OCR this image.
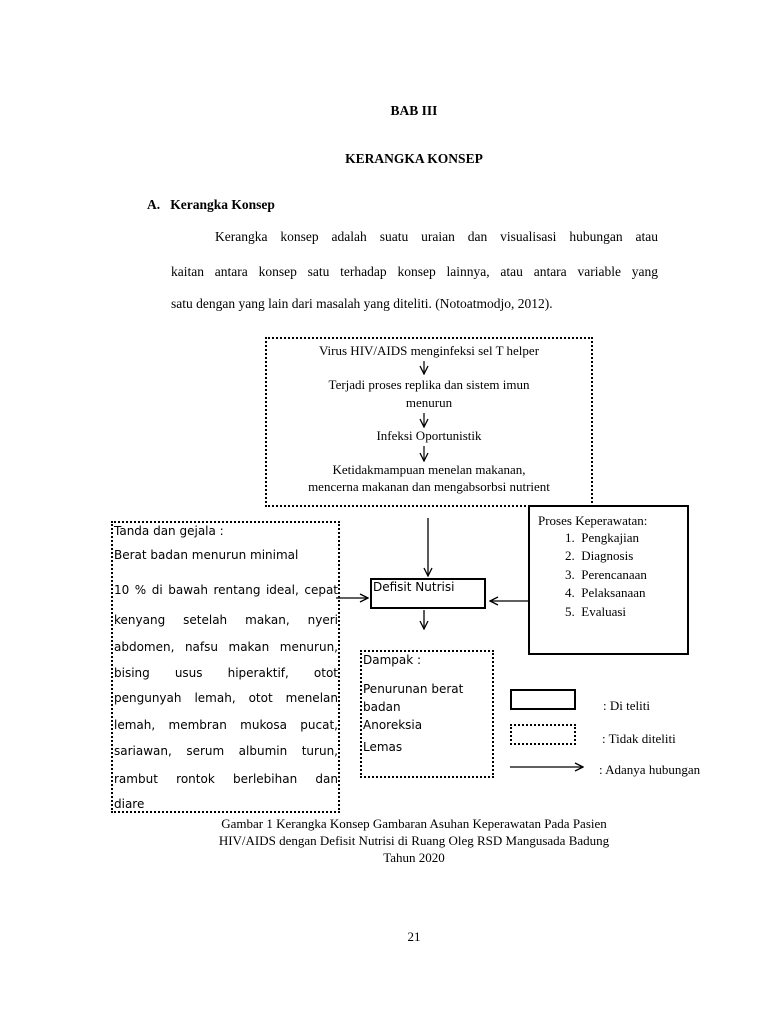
BAB III
KERANGKA KONSEP
A.   Kerangka Konsep
Kerangka konsep adalah suatu uraian dan visualisasi hubungan atau
kaitan antara konsep satu terhadap konsep lainnya, atau antara variable yang
satu dengan yang lain dari masalah yang diteliti. (Notoatmodjo, 2012).
Virus HIV/AIDS menginfeksi sel T helper
Terjadi proses replika dan sistem imun
menurun
Infeksi Oportunistik
Ketidakmampuan menelan makanan,
mencerna makanan dan mengabsorbsi nutrient
Tanda dan gejala :
Berat badan menurun minimal
10 % di bawah rentang ideal, cepat
kenyang setelah makan, nyeri
abdomen, nafsu makan menurun,
bising usus hiperaktif, otot
pengunyah lemah, otot menelan
lemah, membran mukosa pucat,
sariawan, serum albumin turun,
rambut rontok berlebihan dan
diare
Defisit Nutrisi
Proses Keperawatan:
1.  Pengkajian
2.  Diagnosis
3.  Perencanaan
4.  Pelaksanaan
5.  Evaluasi
Dampak :
Penurunan berat
badan
Anoreksia
Lemas
: Di teliti
: Tidak diteliti
: Adanya hubungan
Gambar 1 Kerangka Konsep Gambaran Asuhan Keperawatan Pada Pasien
HIV/AIDS dengan Defisit Nutrisi di Ruang Oleg RSD Mangusada Badung
Tahun 2020
21
